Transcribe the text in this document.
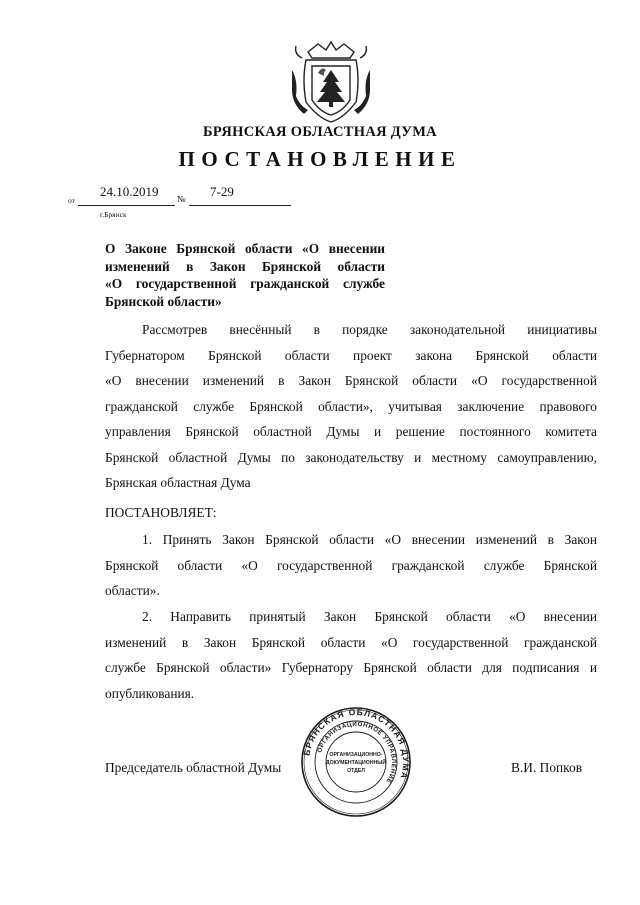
БРЯНСКАЯ ОБЛАСТНАЯ ДУМА
ПОСТАНОВЛЕНИЕ
от
24.10.2019 № 7-29
г.Брянск
О Законе Брянской области «О внесении
изменений в Закон Брянской области
«О государственной гражданской службе
Брянской области»
Рассмотрев внесённый в порядке законодательной инициативы
Губернатором Брянской области проект закона Брянской области
«О внесении изменений в Закон Брянской области «О государственной
гражданской службе Брянской области», учитывая заключение правового
управления Брянской областной Думы и решение постоянного комитета
Брянской областной Думы по законодательству и местному самоуправлению,
Брянская областная Дума
ПОСТАНОВЛЯЕТ:
1. Принять Закон Брянской области «О внесении изменений в Закон
Брянской области «О государственной гражданской службе Брянской
области».
2. Направить принятый Закон Брянской области «О внесении
изменений в Закон Брянской области «О государственной гражданской
службе Брянской области» Губернатору Брянской области для подписания и
опубликования.
Председатель областной Думы	В.И. Попков
БРЯНСКАЯ ОБЛАСТНАЯ ДУМА
ОРГАНИЗАЦИОННОЕ УПРАВЛЕНИЕ
ОРГАНИЗАЦИОННО-
ДОКУМЕНТАЦИОННЫЙ
ОТДЕЛ
